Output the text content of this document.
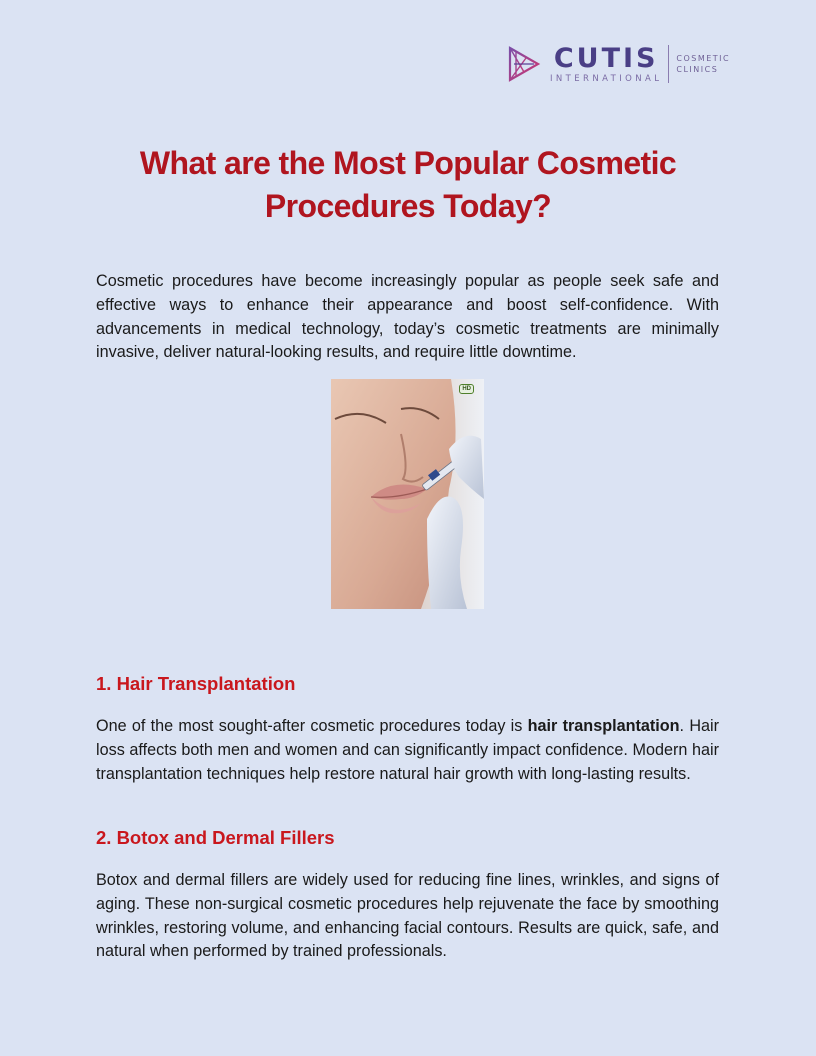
CUTIS
INTERNATIONAL
COSMETIC
CLINICS
What are the Most Popular Cosmetic
Procedures Today?

Cosmetic procedures have become increasingly popular as people seek safe and effective ways to enhance their appearance and boost self-confidence. With advancements in medical technology, today’s cosmetic treatments are minimally invasive, deliver natural-looking results, and require little downtime.

HD
1. Hair Transplantation

One of the most sought-after cosmetic procedures today is hair transplantation. Hair loss affects both men and women and can significantly impact confidence. Modern hair transplantation techniques help restore natural hair growth with long-lasting results.

2. Botox and Dermal Fillers

Botox and dermal fillers are widely used for reducing fine lines, wrinkles, and signs of aging. These non-surgical cosmetic procedures help rejuvenate the face by smoothing wrinkles, restoring volume, and enhancing facial contours. Results are quick, safe, and natural when performed by trained professionals.
